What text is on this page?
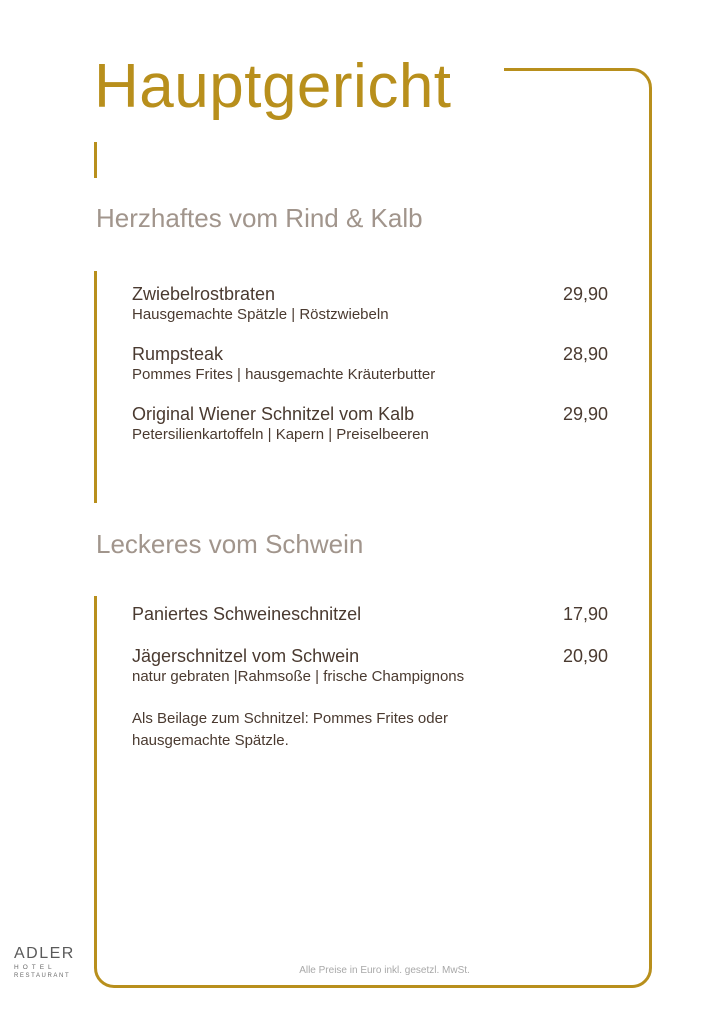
Hauptgericht
Herzhaftes vom Rind & Kalb
Zwiebelrostbraten	29,90
Hausgemachte Spätzle | Röstzwiebeln
Rumpsteak	28,90
Pommes Frites | hausgemachte Kräuterbutter
Original Wiener Schnitzel vom Kalb	29,90
Petersilienkartoffeln | Kapern | Preiselbeeren
Leckeres vom Schwein
Paniertes Schweineschnitzel	17,90
Jägerschnitzel vom Schwein	20,90
natur gebraten |Rahmsoße | frische Champignons
Als Beilage zum Schnitzel: Pommes Frites oder
hausgemachte Spätzle.
Alle Preise in Euro inkl. gesetzl. MwSt.
ADLER
HOTEL
RESTAURANT
